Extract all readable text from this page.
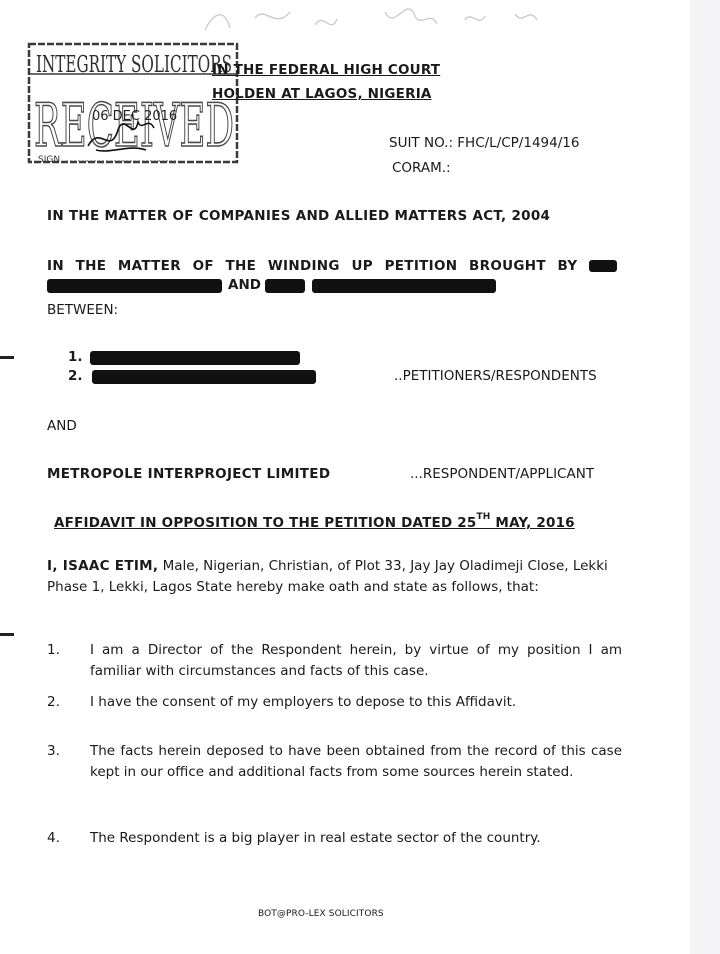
INTEGRITY SOLICITORS
RECEIVED
06 DEC 2016
SIGN
IN THE FEDERAL HIGH COURT
HOLDEN AT LAGOS, NIGERIA
SUIT NO.: FHC/L/CP/1494/16
CORAM.:
IN THE MATTER OF COMPANIES AND ALLIED MATTERS ACT, 2004
IN THE MATTER OF THE WINDING UP PETITION BROUGHT BY
AND
BETWEEN:
1.
2.	..PETITIONERS/RESPONDENTS
AND
METROPOLE INTERPROJECT LIMITED	...RESPONDENT/APPLICANT
AFFIDAVIT IN OPPOSITION TO THE PETITION DATED 25TH MAY, 2016
I, ISAAC ETIM, Male, Nigerian, Christian, of Plot 33, Jay Jay Oladimeji Close, Lekki Phase 1, Lekki, Lagos State hereby make oath and state as follows, that:
1. I am a Director of the Respondent herein, by virtue of my position I am familiar with circumstances and facts of this case.
2. I have the consent of my employers to depose to this Affidavit.
3. The facts herein deposed to have been obtained from the record of this case kept in our office and additional facts from some sources herein stated.
4. The Respondent is a big player in real estate sector of the country.
BOT@PRO-LEX SOLICITORS
